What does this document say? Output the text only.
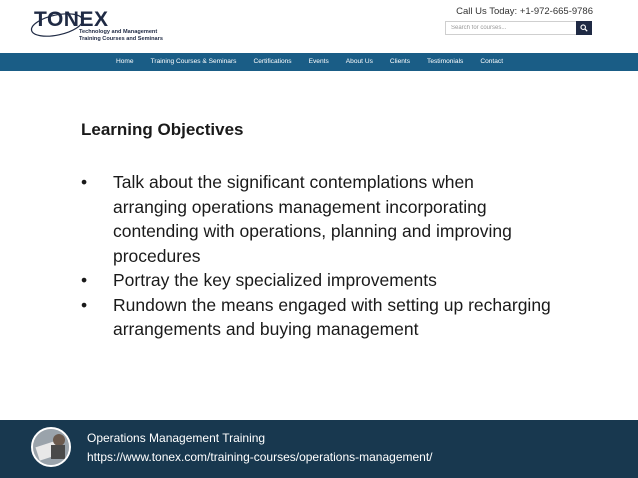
TONEX
Technology and Management
Training Courses and Seminars
Call Us Today: +1-972-665-9786
Search for courses...
Home	Training Courses & Seminars	Certifications	Events	About Us	Clients	Testimonials	Contact
Learning Objectives
• Talk about the significant contemplations when arranging operations management incorporating contending with operations, planning and improving procedures
• Portray the key specialized improvements
• Rundown the means engaged with setting up recharging arrangements and buying management
Operations Management Training
https://www.tonex.com/training-courses/operations-management/
